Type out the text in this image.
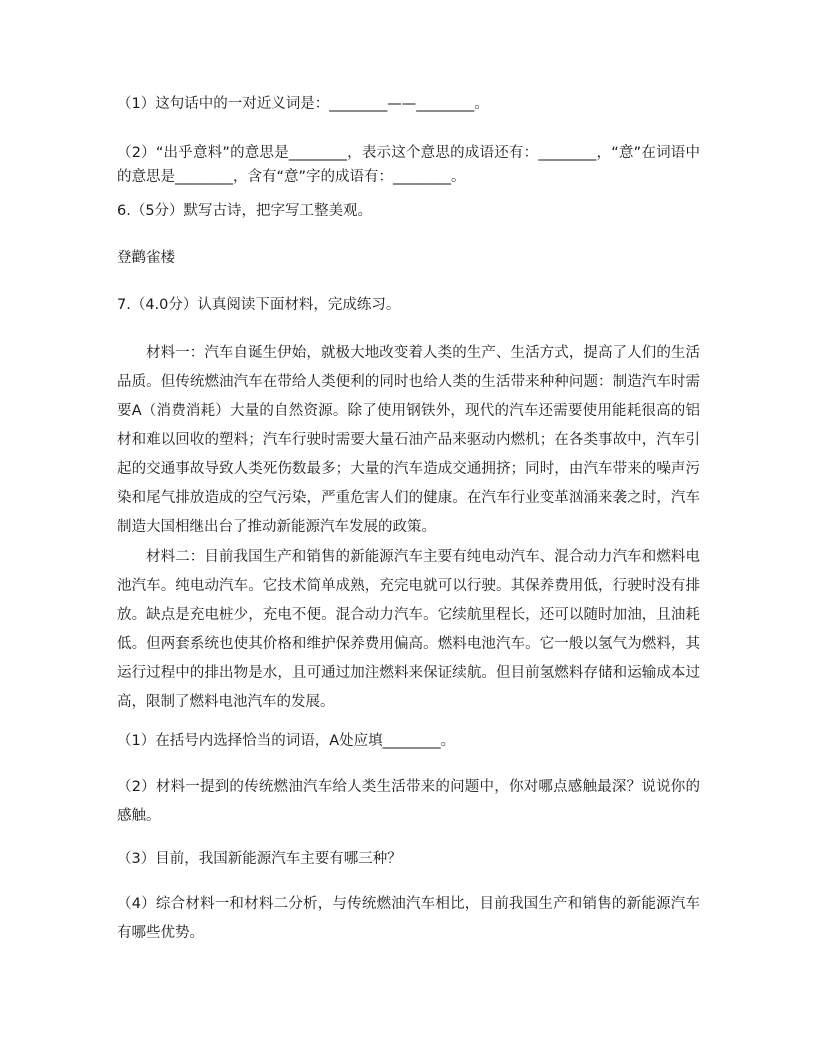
（1）这句话中的一对近义词是：________——________。
（2）“出乎意料”的意思是________，表示这个意思的成语还有：________，“意”在词语中的意思是________，含有“意”字的成语有：________。
6.（5分）默写古诗，把字写工整美观。
登鹳雀楼
7.（4.0分）认真阅读下面材料，完成练习。
材料一：汽车自诞生伊始，就极大地改变着人类的生产、生活方式，提高了人们的生活品质。但传统燃油汽车在带给人类便利的同时也给人类的生活带来种种问题：制造汽车时需要A（消费消耗）大量的自然资源。除了使用钢铁外，现代的汽车还需要使用能耗很高的铝材和难以回收的塑料；汽车行驶时需要大量石油产品来驱动内燃机；在各类事故中，汽车引起的交通事故导致人类死伤数最多；大量的汽车造成交通拥挤；同时，由汽车带来的噪声污染和尾气排放造成的空气污染，严重危害人们的健康。在汽车行业变革汹涌来袭之时，汽车制造大国相继出台了推动新能源汽车发展的政策。
材料二：目前我国生产和销售的新能源汽车主要有纯电动汽车、混合动力汽车和燃料电池汽车。纯电动汽车。它技术简单成熟，充完电就可以行驶。其保养费用低，行驶时没有排放。缺点是充电桩少，充电不便。混合动力汽车。它续航里程长，还可以随时加油，且油耗低。但两套系统也使其价格和维护保养费用偏高。燃料电池汽车。它一般以氢气为燃料，其运行过程中的排出物是水，且可通过加注燃料来保证续航。但目前氢燃料存储和运输成本过高，限制了燃料电池汽车的发展。
（1）在括号内选择恰当的词语，A处应填________。
（2）材料一提到的传统燃油汽车给人类生活带来的问题中，你对哪点感触最深？说说你的感触。
（3）目前，我国新能源汽车主要有哪三种？
（4）综合材料一和材料二分析，与传统燃油汽车相比，目前我国生产和销售的新能源汽车有哪些优势。
